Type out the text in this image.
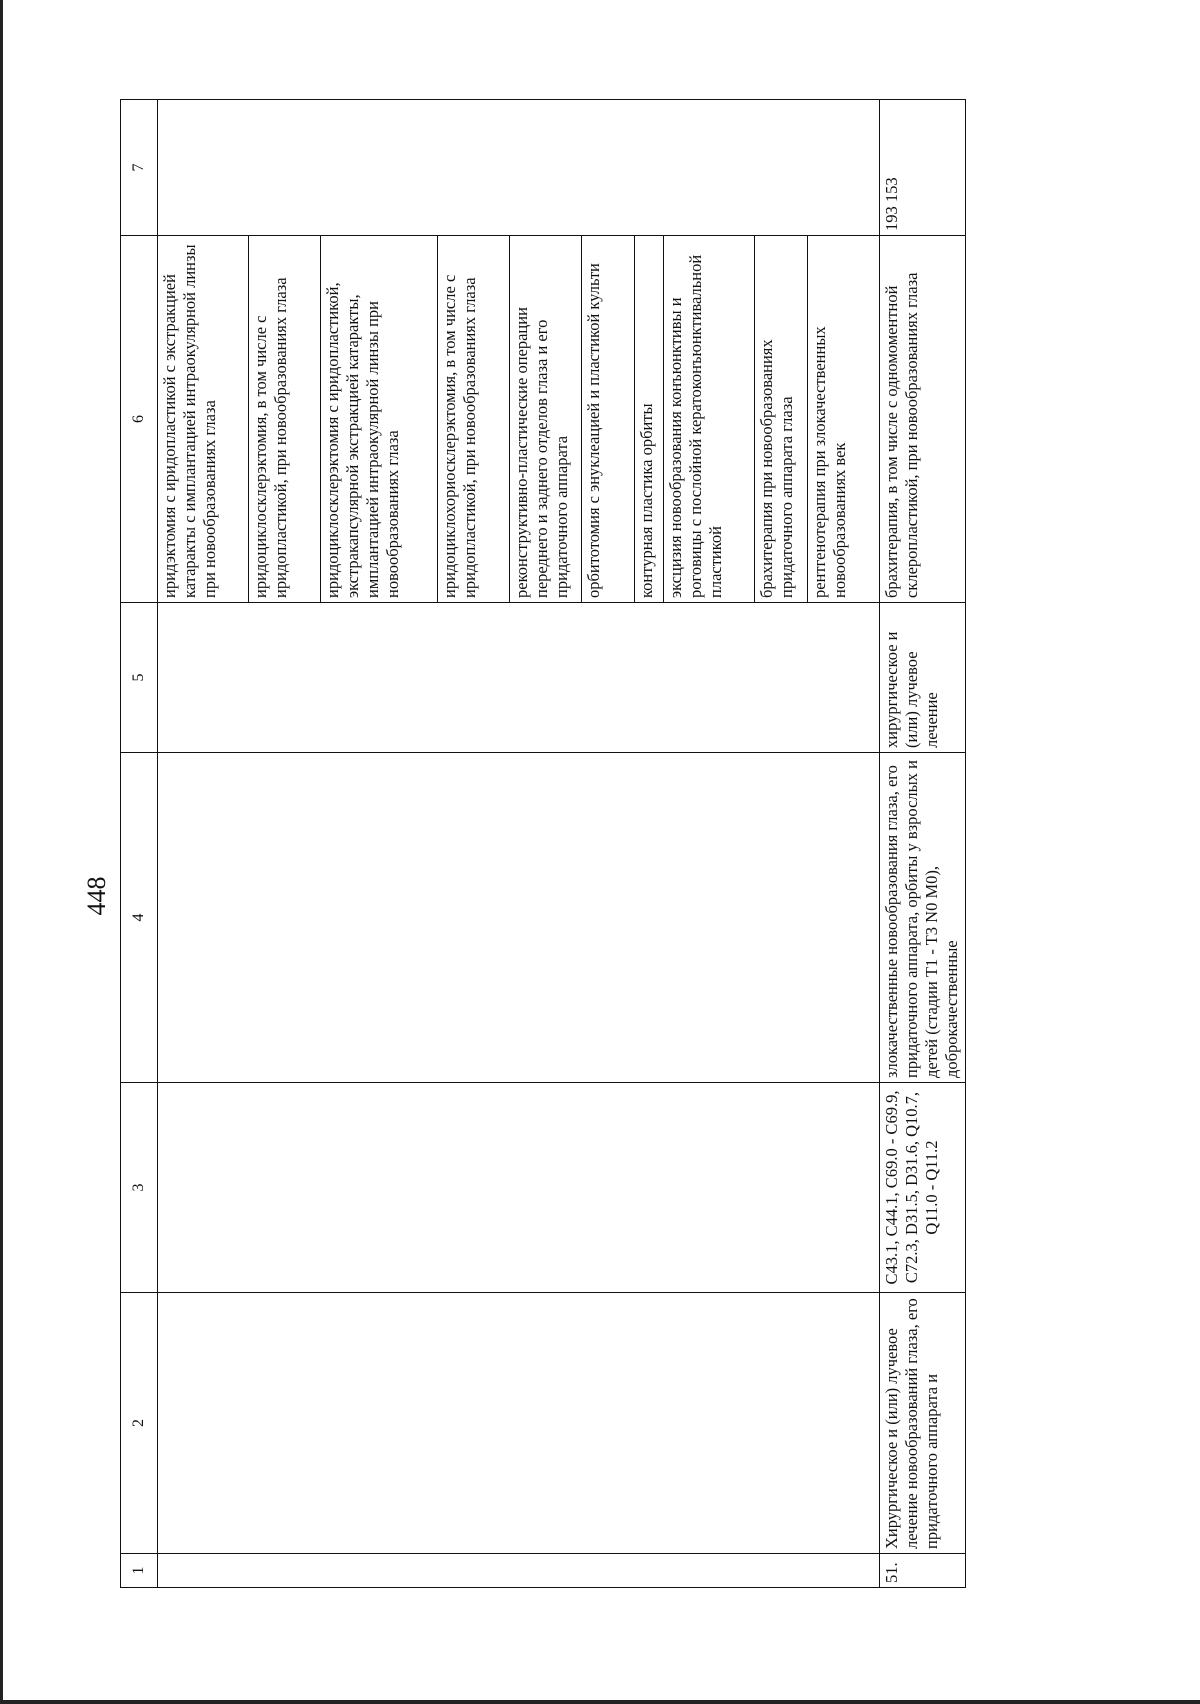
448
1	2	3	4	5	6	7
					иридэктомия с иридопластикой с экстракцией катаракты с имплантацией интраокулярной линзы при новообразованиях глаза	
					иридоциклосклерэктомия, в том числе с иридопластикой, при новообразованиях глаза	
					иридоциклосклерэктомия с иридопластикой, экстракапсулярной экстракцией катаракты, имплантацией интраокулярной линзы при новообразованиях глаза	
					иридоциклохориосклерэктомия, в том числе с иридопластикой, при новообразованиях глаза	
					реконструктивно-пластические операции переднего и заднего отделов глаза и его придаточного аппарата	
					орбитотомия с энуклеацией и пластикой культи	
					контурная пластика орбиты	
					эксцизия новообразования конъюнктивы и роговицы с послойной кератоконъюнктивальной пластикой	
					брахитерапия при новообразованиях придаточного аппарата глаза	
					рентгенотерапия при злокачественных новообразованиях век	
51.	Хирургическое и (или) лучевое лечение новообразований глаза, его придаточного аппарата и	C43.1, C44.1, C69.0 - C69.9, C72.3, D31.5, D31.6, Q10.7, Q11.0 - Q11.2	злокачественные новообразования глаза, его придаточного аппарата, орбиты у взрослых и детей (стадии T1 - T3 N0 M0), доброкачественные	хирургическое и (или) лучевое лечение	брахитерапия, в том числе с одномоментной склеропластикой, при новообразованиях глаза	193 153
